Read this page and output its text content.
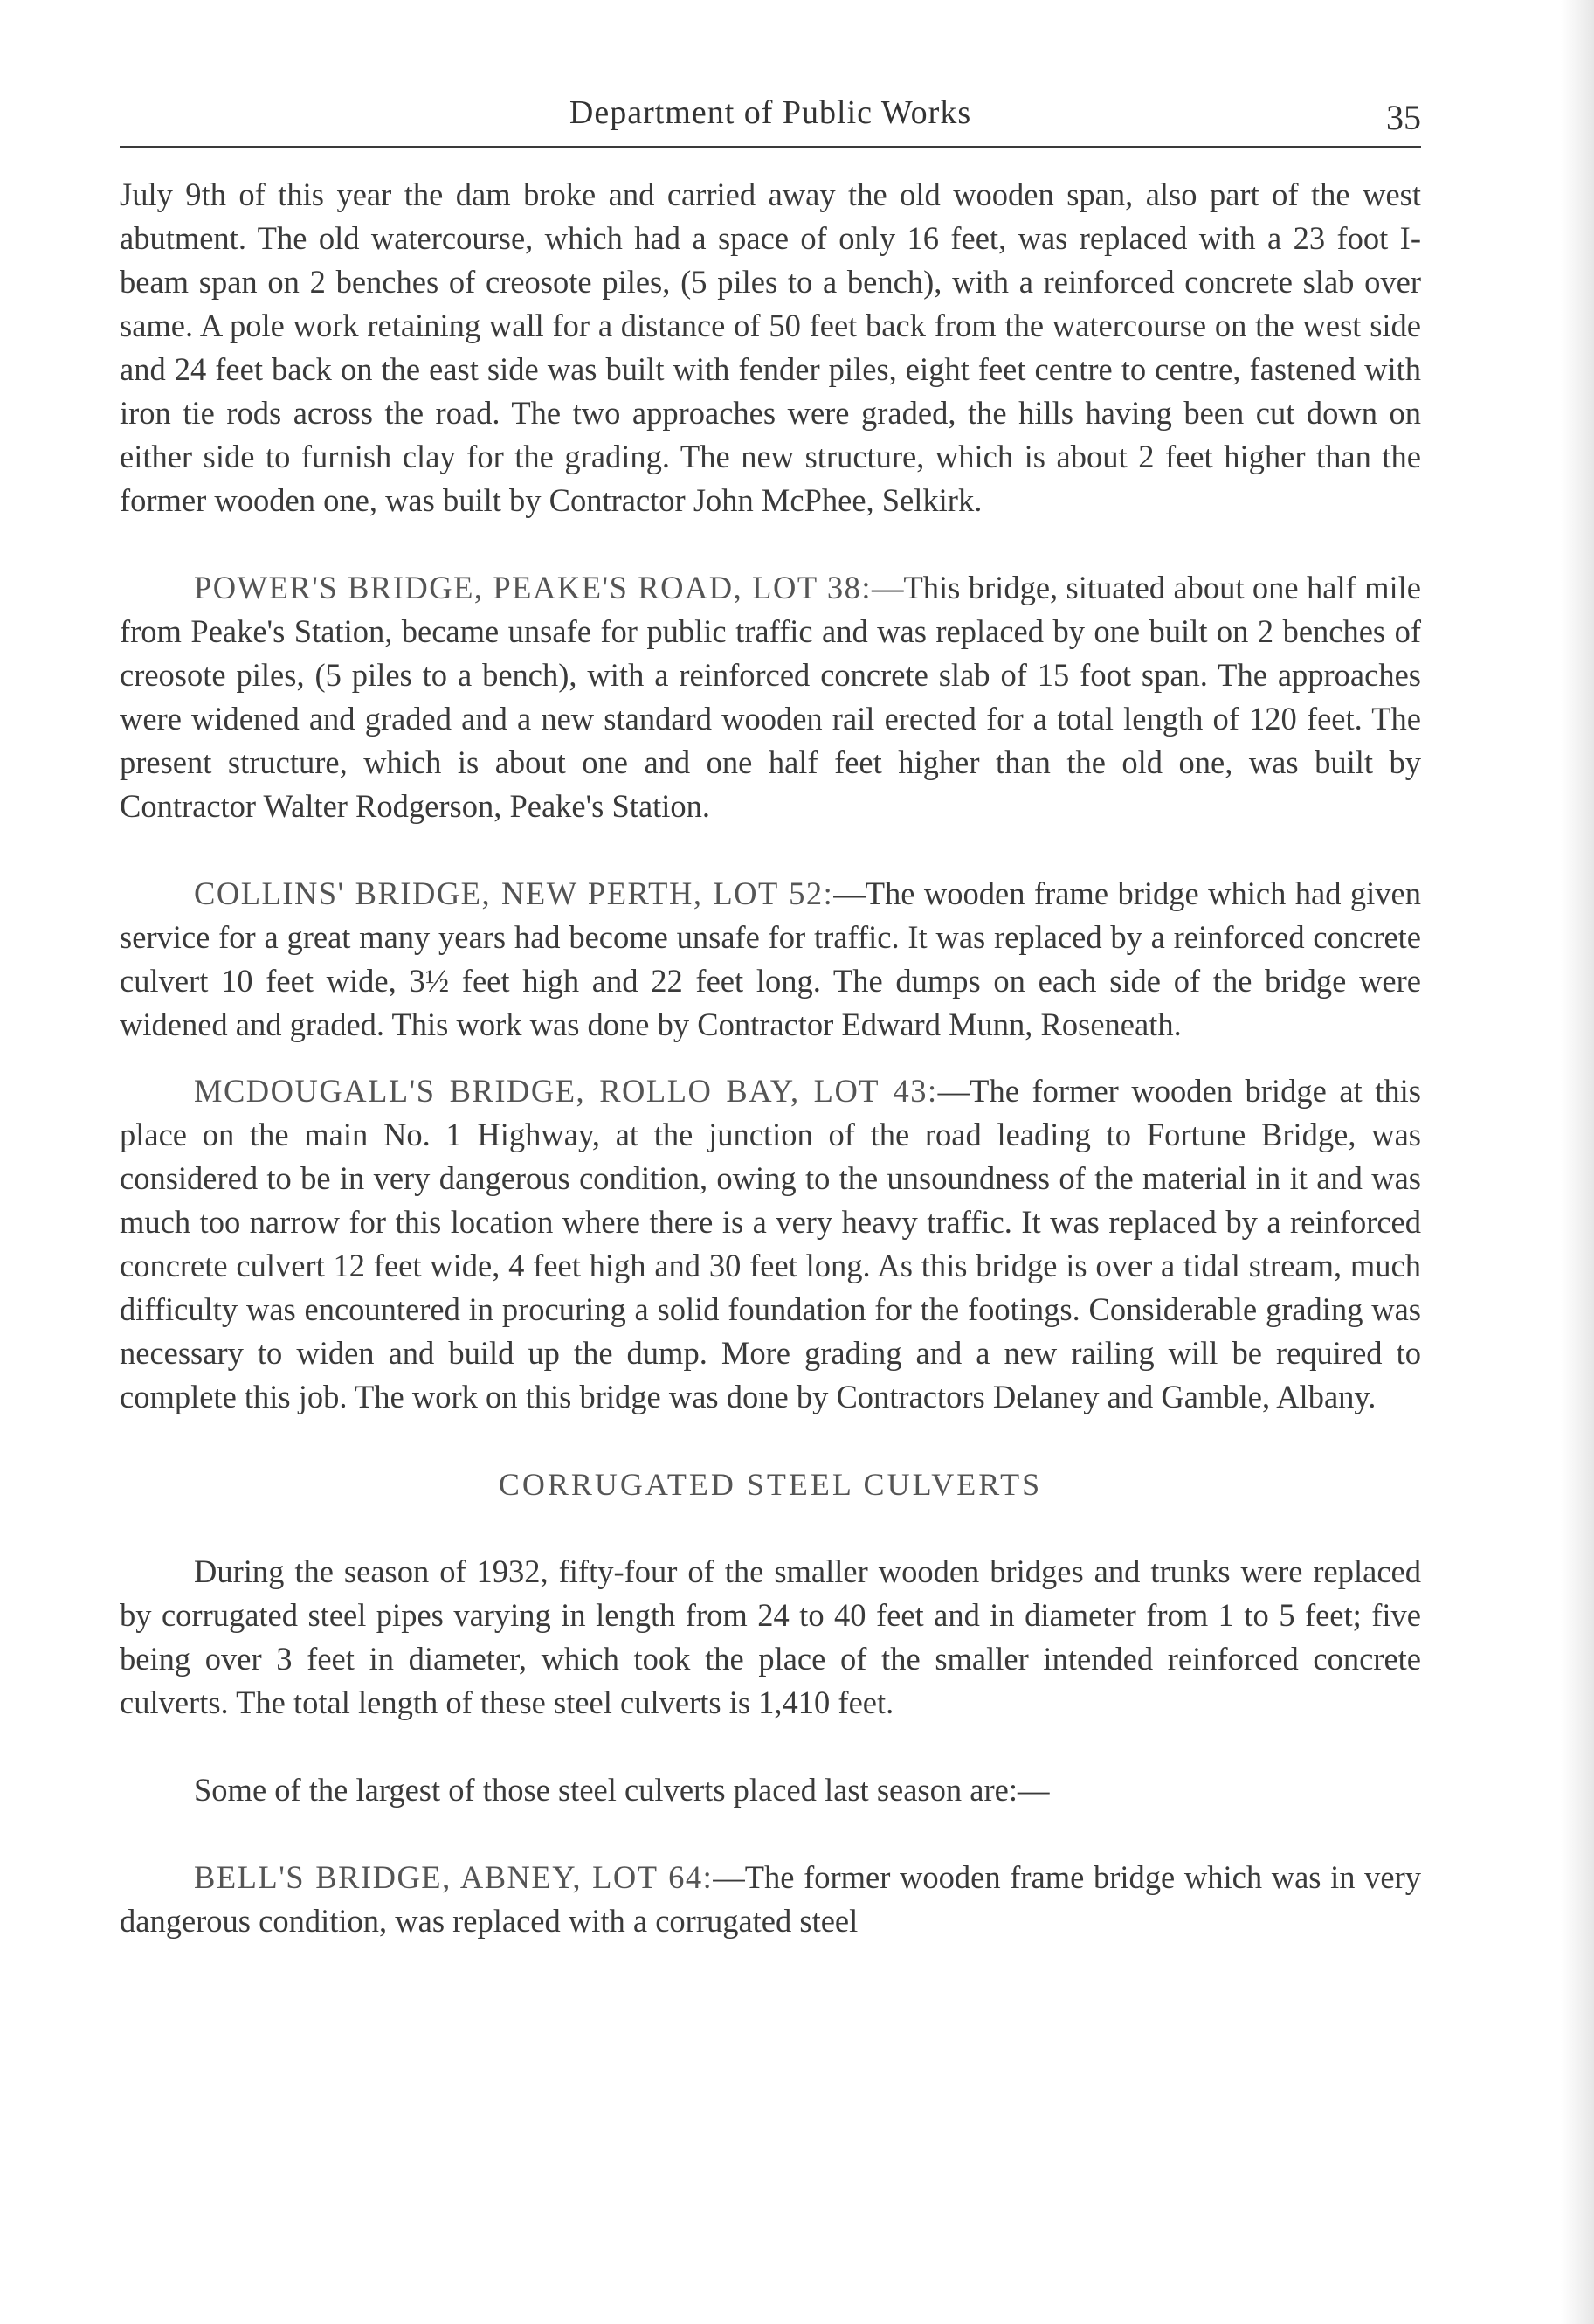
Department of Public Works	35

July 9th of this year the dam broke and carried away the old wooden span, also part of the west abutment. The old watercourse, which had a space of only 16 feet, was replaced with a 23 foot I-beam span on 2 benches of creosote piles, (5 piles to a bench), with a reinforced concrete slab over same. A pole work retaining wall for a distance of 50 feet back from the watercourse on the west side and 24 feet back on the east side was built with fender piles, eight feet centre to centre, fastened with iron tie rods across the road. The two approaches were graded, the hills having been cut down on either side to furnish clay for the grading. The new structure, which is about 2 feet higher than the former wooden one, was built by Contractor John McPhee, Selkirk.

POWER'S BRIDGE, PEAKE'S ROAD, LOT 38:—This bridge, situated about one half mile from Peake's Station, became unsafe for public traffic and was replaced by one built on 2 benches of creosote piles, (5 piles to a bench), with a reinforced concrete slab of 15 foot span. The approaches were widened and graded and a new standard wooden rail erected for a total length of 120 feet. The present structure, which is about one and one half feet higher than the old one, was built by Contractor Walter Rodgerson, Peake's Station.

COLLINS' BRIDGE, NEW PERTH, LOT 52:—The wooden frame bridge which had given service for a great many years had become unsafe for traffic. It was replaced by a reinforced concrete culvert 10 feet wide, 3½ feet high and 22 feet long. The dumps on each side of the bridge were widened and graded. This work was done by Contractor Edward Munn, Roseneath.

MCDOUGALL'S BRIDGE, ROLLO BAY, LOT 43:—The former wooden bridge at this place on the main No. 1 Highway, at the junction of the road leading to Fortune Bridge, was considered to be in very dangerous condition, owing to the unsoundness of the material in it and was much too narrow for this location where there is a very heavy traffic. It was replaced by a reinforced concrete culvert 12 feet wide, 4 feet high and 30 feet long. As this bridge is over a tidal stream, much difficulty was encountered in procuring a solid foundation for the footings. Considerable grading was necessary to widen and build up the dump. More grading and a new railing will be required to complete this job. The work on this bridge was done by Contractors Delaney and Gamble, Albany.

CORRUGATED STEEL CULVERTS

During the season of 1932, fifty-four of the smaller wooden bridges and trunks were replaced by corrugated steel pipes varying in length from 24 to 40 feet and in diameter from 1 to 5 feet; five being over 3 feet in diameter, which took the place of the smaller intended reinforced concrete culverts. The total length of these steel culverts is 1,410 feet.

Some of the largest of those steel culverts placed last season are:—

BELL'S BRIDGE, ABNEY, LOT 64:—The former wooden frame bridge which was in very dangerous condition, was replaced with a corrugated steel
